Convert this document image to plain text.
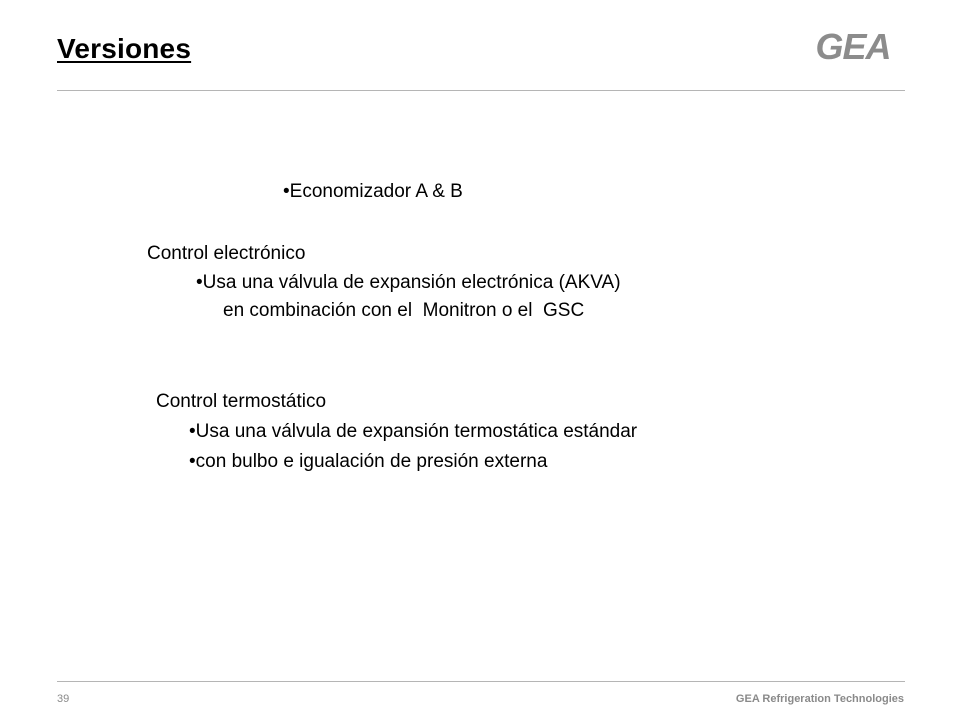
Versiones	GEA
•Economizador A & B
Control electrónico
•Usa una válvula de expansión electrónica (AKVA)
en combinación con el  Monitron o el  GSC
Control termostático
•Usa una válvula de expansión termostática estándar
•con bulbo e igualación de presión externa
39	GEA Refrigeration Technologies
